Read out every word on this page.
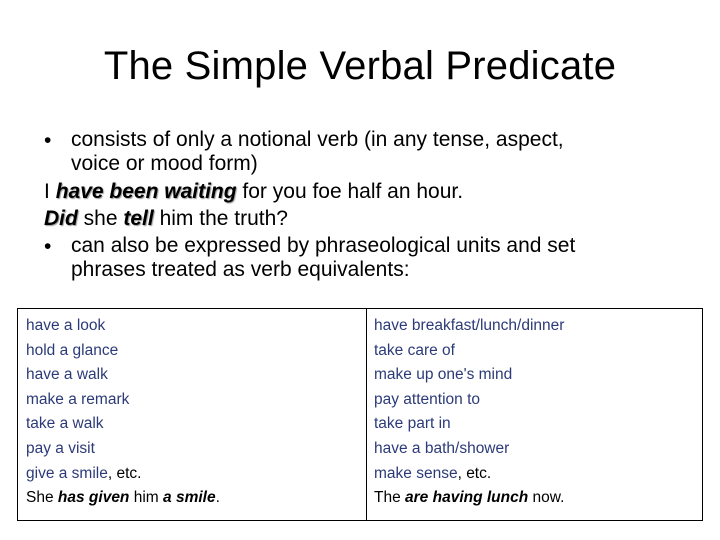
The Simple Verbal Predicate
• consists of only a notional verb (in any tense, aspect,
voice or mood form)
I have been waiting for you foe half an hour.
Did she tell him the truth?
• can also be expressed by phraseological units and set
phrases treated as verb equivalents:
have a look
hold a glance
have a walk
make a remark
take a walk
pay a visit
give a smile, etc.
She has given him a smile.
have breakfast/lunch/dinner
take care of
make up one's mind
pay attention to
take part in
have a bath/shower
make sense, etc.
The are having lunch now.
